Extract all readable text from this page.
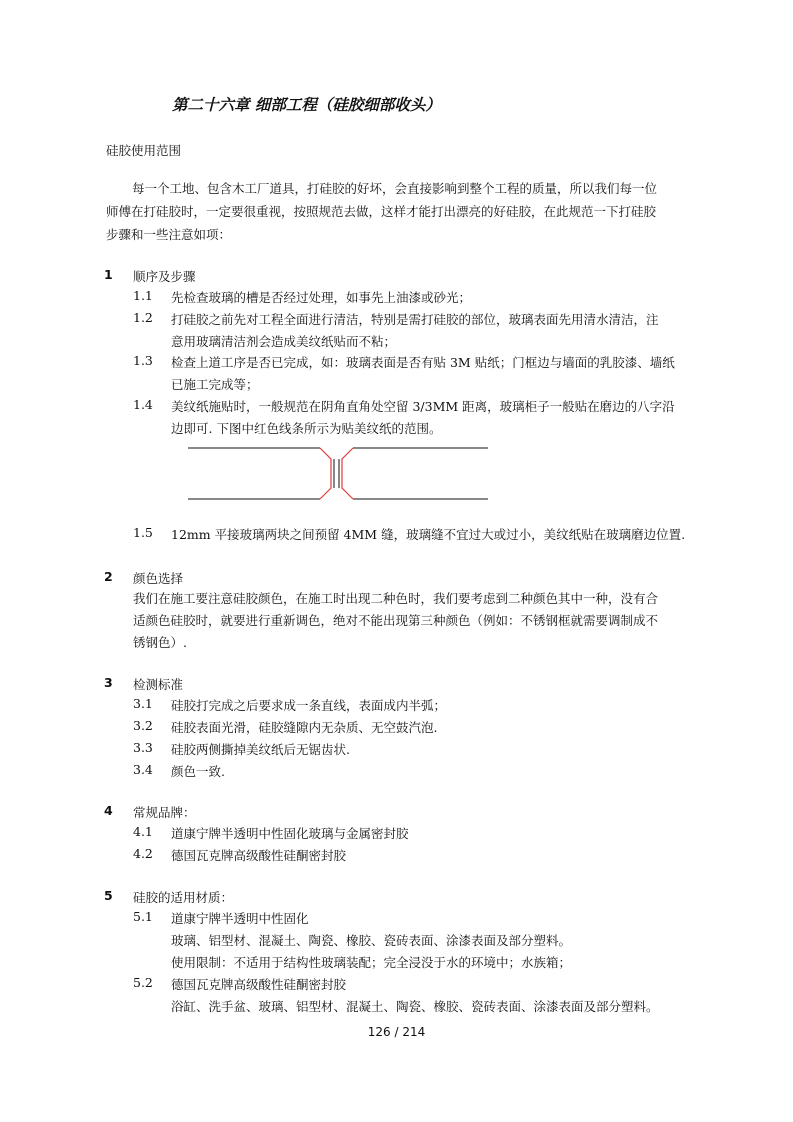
第二十六章 细部工程（硅胶细部收头）
硅胶使用范围
每一个工地、包含木工厂道具，打硅胶的好坏，会直接影响到整个工程的质量，所以我们每一位
师傅在打硅胶时，一定要很重视，按照规范去做，这样才能打出漂亮的好硅胶，在此规范一下打硅胶
步骤和一些注意如项：
1 顺序及步骤
1.1 先检查玻璃的槽是否经过处理，如事先上油漆或砂光；
1.2 打硅胶之前先对工程全面进行清洁，特别是需打硅胶的部位，玻璃表面先用清水清洁，注
意用玻璃清洁剂会造成美纹纸贴而不粘；
1.3 检查上道工序是否已完成，如：玻璃表面是否有贴 3M 贴纸；门框边与墙面的乳胶漆、墙纸
已施工完成等；
1.4 美纹纸施贴时，一般规范在阴角直角处空留 3/3MM 距离，玻璃柜子一般贴在磨边的八字沿
边即可. 下图中红色线条所示为贴美纹纸的范围。
1.5 12mm 平接玻璃两块之间预留 4MM 缝，玻璃缝不宜过大或过小，美纹纸贴在玻璃磨边位置.
2 颜色选择
我们在施工要注意硅胶颜色，在施工时出现二种色时，我们要考虑到二种颜色其中一种，没有合
适颜色硅胶时，就要进行重新调色，绝对不能出现第三种颜色（例如：不锈钢框就需要调制成不
锈钢色）.
3 检测标准
3.1 硅胶打完成之后要求成一条直线，表面成内半弧；
3.2 硅胶表面光滑，硅胶缝隙内无杂质、无空鼓汽泡.
3.3 硅胶两侧撕掉美纹纸后无锯齿状.
3.4 颜色一致.
4 常规品牌：
4.1 道康宁牌半透明中性固化玻璃与金属密封胶
4.2 德国瓦克牌高级酸性硅酮密封胶
5 硅胶的适用材质：
5.1 道康宁牌半透明中性固化
玻璃、铝型材、混凝土、陶瓷、橡胶、瓷砖表面、涂漆表面及部分塑料。
使用限制：不适用于结构性玻璃装配；完全浸没于水的环境中；水族箱；
5.2 德国瓦克牌高级酸性硅酮密封胶
浴缸、洗手盆、玻璃、铝型材、混凝土、陶瓷、橡胶、瓷砖表面、涂漆表面及部分塑料。
126 / 214
